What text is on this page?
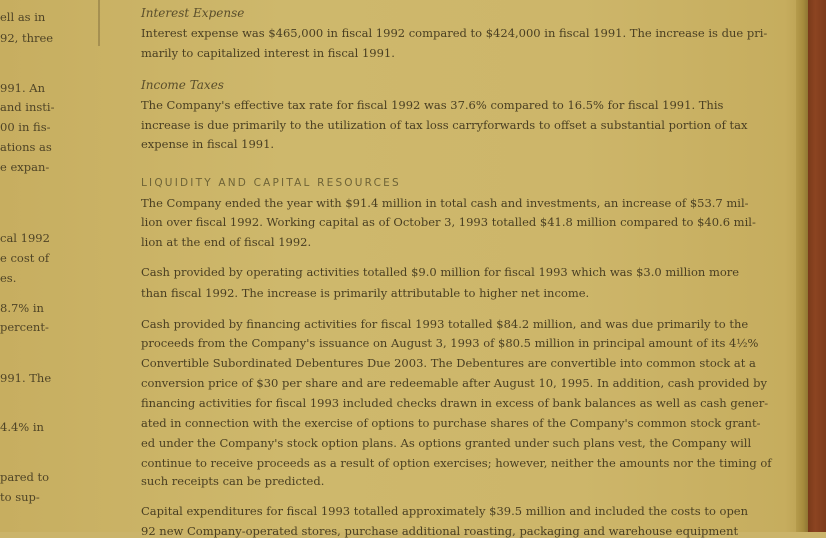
ell as in
92, three
991. An
and insti-
00 in fis-
ations as
e expan-
cal 1992
e cost of
es.
8.7% in
percent-
991. The
4.4% in
pared to
to sup-
Interest Expense
Interest expense was $465,000 in fiscal 1992 compared to $424,000 in fiscal 1991. The increase is due pri-
marily to capitalized interest in fiscal 1991.
Income Taxes
The Company's effective tax rate for fiscal 1992 was 37.6% compared to 16.5% for fiscal 1991. This
increase is due primarily to the utilization of tax loss carryforwards to offset a substantial portion of tax
expense in fiscal 1991.
LIQUIDITY AND CAPITAL RESOURCES
The Company ended the year with $91.4 million in total cash and investments, an increase of $53.7 mil-
lion over fiscal 1992. Working capital as of October 3, 1993 totalled $41.8 million compared to $40.6 mil-
lion at the end of fiscal 1992.
Cash provided by operating activities totalled $9.0 million for fiscal 1993 which was $3.0 million more
than fiscal 1992. The increase is primarily attributable to higher net income.
Cash provided by financing activities for fiscal 1993 totalled $84.2 million, and was due primarily to the
proceeds from the Company's issuance on August 3, 1993 of $80.5 million in principal amount of its 4½%
Convertible Subordinated Debentures Due 2003. The Debentures are convertible into common stock at a
conversion price of $30 per share and are redeemable after August 10, 1995. In addition, cash provided by
financing activities for fiscal 1993 included checks drawn in excess of bank balances as well as cash gener-
ated in connection with the exercise of options to purchase shares of the Company's common stock grant-
ed under the Company's stock option plans. As options granted under such plans vest, the Company will
continue to receive proceeds as a result of option exercises; however, neither the amounts nor the timing of
such receipts can be predicted.
Capital expenditures for fiscal 1993 totalled approximately $39.5 million and included the costs to open
92 new Company-operated stores, purchase additional roasting, packaging and warehouse equipment
